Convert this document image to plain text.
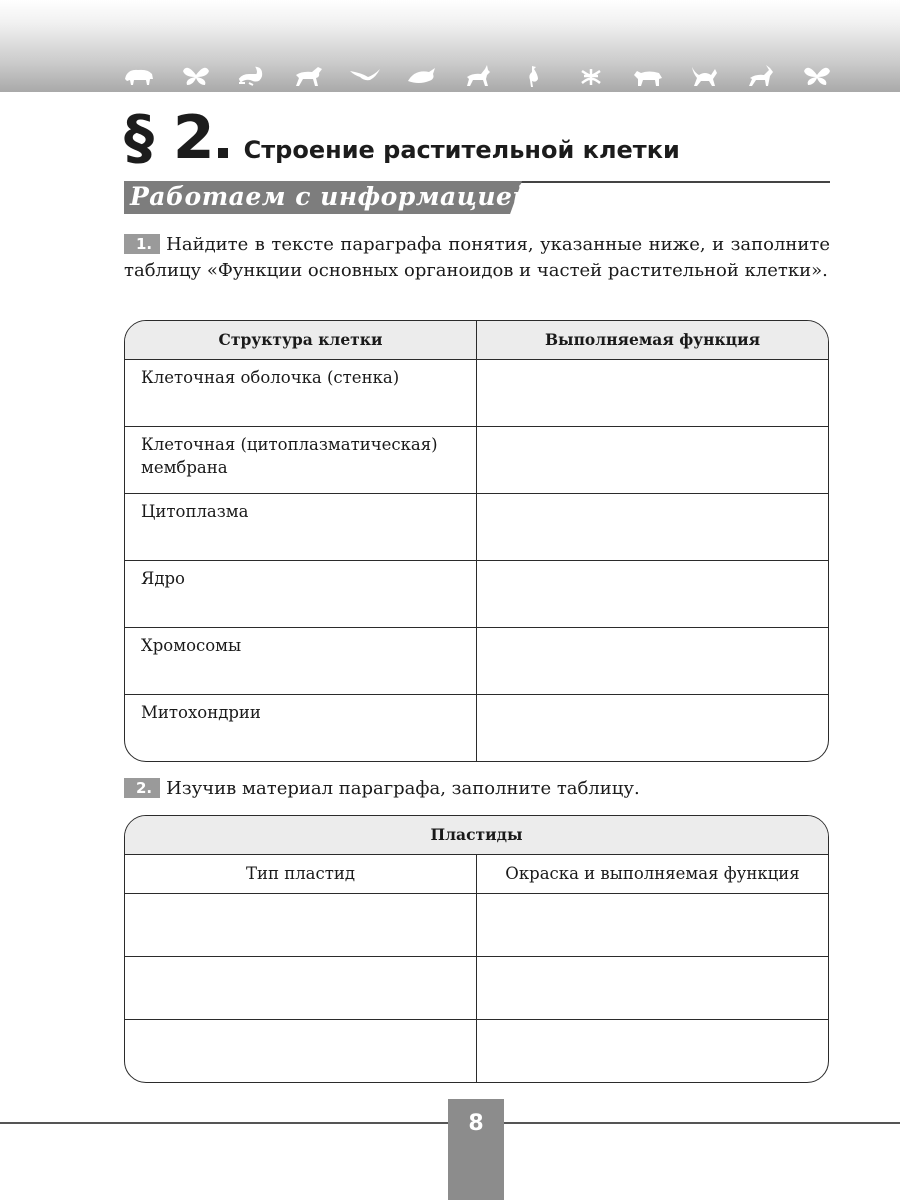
§ 2 Строение растительной клетки
Работаем с информацией
1. Найдите в тексте параграфа понятия, указанные ниже, и заполните таблицу «Функции основных органоидов и частей растительной клетки».
Структура клетки	Выполняемая функция
Клеточная оболочка (стенка)
Клеточная (цитоплазматическая) мембрана
Цитоплазма
Ядро
Хромосомы
Митохондрии
2. Изучив материал параграфа, заполните таблицу.
Пластиды
Тип пластид	Окраска и выполняемая функция
8
